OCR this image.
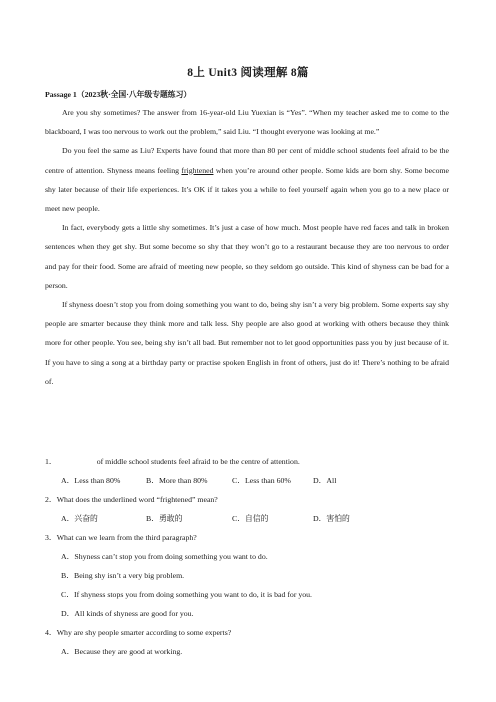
8上 Unit3 阅读理解 8篇
Passage 1（2023秋·全国·八年级专题练习）

Are you shy sometimes? The answer from 16-year-old Liu Yuexian is “Yes”. “When my teacher asked me to come to the blackboard, I was too nervous to work out the problem,” said Liu. “I thought everyone was looking at me.”

Do you feel the same as Liu? Experts have found that more than 80 per cent of middle school students feel afraid to be the centre of attention. Shyness means feeling frightened when you’re around other people. Some kids are born shy. Some become shy later because of their life experiences. It’s OK if it takes you a while to feel yourself again when you go to a new place or meet new people.

In fact, everybody gets a little shy sometimes. It’s just a case of how much. Most people have red faces and talk in broken sentences when they get shy. But some become so shy that they won’t go to a restaurant because they are too nervous to order and pay for their food. Some are afraid of meeting new people, so they seldom go outside. This kind of shyness can be bad for a person.

If shyness doesn’t stop you from doing something you want to do, being shy isn’t a very big problem. Some experts say shy people are smarter because they think more and talk less. Shy people are also good at working with others because they think more for other people. You see, being shy isn’t all bad. But remember not to let good opportunities pass you by just because of it. If you have to sing a song at a birthday party or practise spoken English in front of others, just do it! There’s nothing to be afraid of.

1．	of middle school students feel afraid to be the centre of attention.
A．Less than 80%	B．More than 80%	C．Less than 60%	D．All
2．What does the underlined word “frightened” mean?
A．兴奋的	B．勇敢的	C．自信的	D．害怕的
3．What can we learn from the third paragraph?
A．Shyness can’t stop you from doing something you want to do.
B．Being shy isn’t a very big problem.
C．If shyness stops you from doing something you want to do, it is bad for you.
D．All kinds of shyness are good for you.
4．Why are shy people smarter according to some experts?
A．Because they are good at working.
